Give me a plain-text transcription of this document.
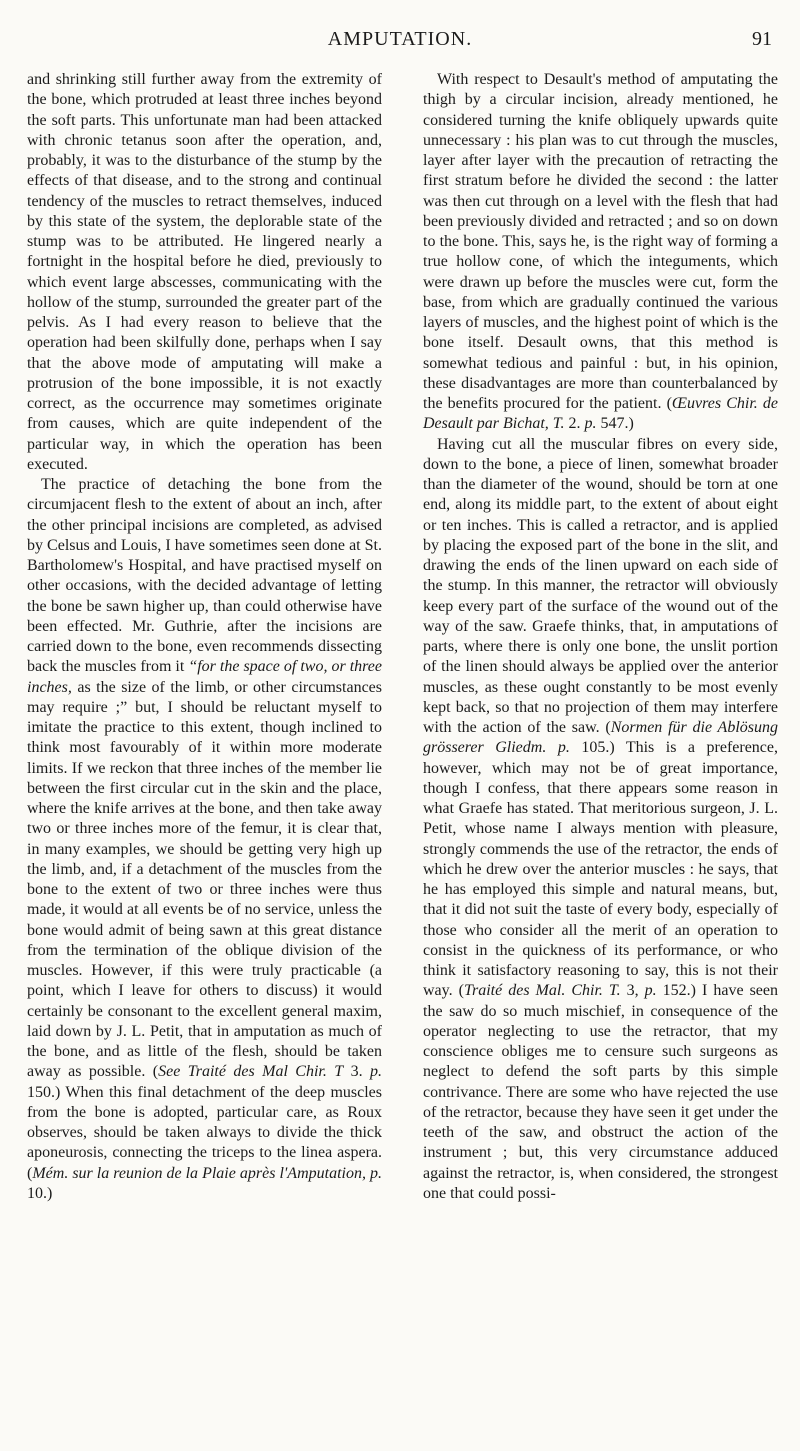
AMPUTATION.	91

and shrinking still further away from the extremity of the bone, which protruded at least three inches beyond the soft parts. This unfortunate man had been attacked with chronic tetanus soon after the operation, and, probably, it was to the disturbance of the stump by the effects of that disease, and to the strong and continual tendency of the muscles to retract themselves, induced by this state of the system, the deplorable state of the stump was to be attributed. He lingered nearly a fortnight in the hospital before he died, previously to which event large abscesses, communicating with the hollow of the stump, surrounded the greater part of the pelvis. As I had every reason to believe that the operation had been skilfully done, perhaps when I say that the above mode of amputating will make a protrusion of the bone impossible, it is not exactly correct, as the occurrence may sometimes originate from causes, which are quite independent of the particular way, in which the operation has been executed.

The practice of detaching the bone from the circumjacent flesh to the extent of about an inch, after the other principal incisions are completed, as advised by Celsus and Louis, I have sometimes seen done at St. Bartholomew's Hospital, and have practised myself on other occasions, with the decided advantage of letting the bone be sawn higher up, than could otherwise have been effected. Mr. Guthrie, after the incisions are carried down to the bone, even recommends dissecting back the muscles from it “for the space of two, or three inches, as the size of the limb, or other circumstances may require ;” but, I should be reluctant myself to imitate the practice to this extent, though inclined to think most favourably of it within more moderate limits. If we reckon that three inches of the member lie between the first circular cut in the skin and the place, where the knife arrives at the bone, and then take away two or three inches more of the femur, it is clear that, in many examples, we should be getting very high up the limb, and, if a detachment of the muscles from the bone to the extent of two or three inches were thus made, it would at all events be of no service, unless the bone would admit of being sawn at this great distance from the termination of the oblique division of the muscles. However, if this were truly practicable (a point, which I leave for others to discuss) it would certainly be consonant to the excellent general maxim, laid down by J. L. Petit, that in amputation as much of the bone, and as little of the flesh, should be taken away as possible. (See Traité des Mal Chir. T 3. p. 150.) When this final detachment of the deep muscles from the bone is adopted, particular care, as Roux observes, should be taken always to divide the thick aponeurosis, connecting the triceps to the linea aspera. (Mém. sur la reunion de la Plaie après l'Amputation, p. 10.)

With respect to Desault's method of amputating the thigh by a circular incision, already mentioned, he considered turning the knife obliquely upwards quite unnecessary : his plan was to cut through the muscles, layer after layer with the precaution of retracting the first stratum before he divided the second : the latter was then cut through on a level with the flesh that had been previously divided and retracted ; and so on down to the bone. This, says he, is the right way of forming a true hollow cone, of which the integuments, which were drawn up before the muscles were cut, form the base, from which are gradually continued the various layers of muscles, and the highest point of which is the bone itself. Desault owns, that this method is somewhat tedious and painful : but, in his opinion, these disadvantages are more than counterbalanced by the benefits procured for the patient. (Œuvres Chir. de Desault par Bichat, T. 2. p. 547.)

Having cut all the muscular fibres on every side, down to the bone, a piece of linen, somewhat broader than the diameter of the wound, should be torn at one end, along its middle part, to the extent of about eight or ten inches. This is called a retractor, and is applied by placing the exposed part of the bone in the slit, and drawing the ends of the linen upward on each side of the stump. In this manner, the retractor will obviously keep every part of the surface of the wound out of the way of the saw. Graefe thinks, that, in amputations of parts, where there is only one bone, the unslit portion of the linen should always be applied over the anterior muscles, as these ought constantly to be most evenly kept back, so that no projection of them may interfere with the action of the saw. (Normen für die Ablösung grösserer Gliedm. p. 105.) This is a preference, however, which may not be of great importance, though I confess, that there appears some reason in what Graefe has stated. That meritorious surgeon, J. L. Petit, whose name I always mention with pleasure, strongly commends the use of the retractor, the ends of which he drew over the anterior muscles : he says, that he has employed this simple and natural means, but, that it did not suit the taste of every body, especially of those who consider all the merit of an operation to consist in the quickness of its performance, or who think it satisfactory reasoning to say, this is not their way. (Traité des Mal. Chir. T. 3, p. 152.) I have seen the saw do so much mischief, in consequence of the operator neglecting to use the retractor, that my conscience obliges me to censure such surgeons as neglect to defend the soft parts by this simple contrivance. There are some who have rejected the use of the retractor, because they have seen it get under the teeth of the saw, and obstruct the action of the instrument ; but, this very circumstance adduced against the retractor, is, when considered, the strongest one that could possi-
